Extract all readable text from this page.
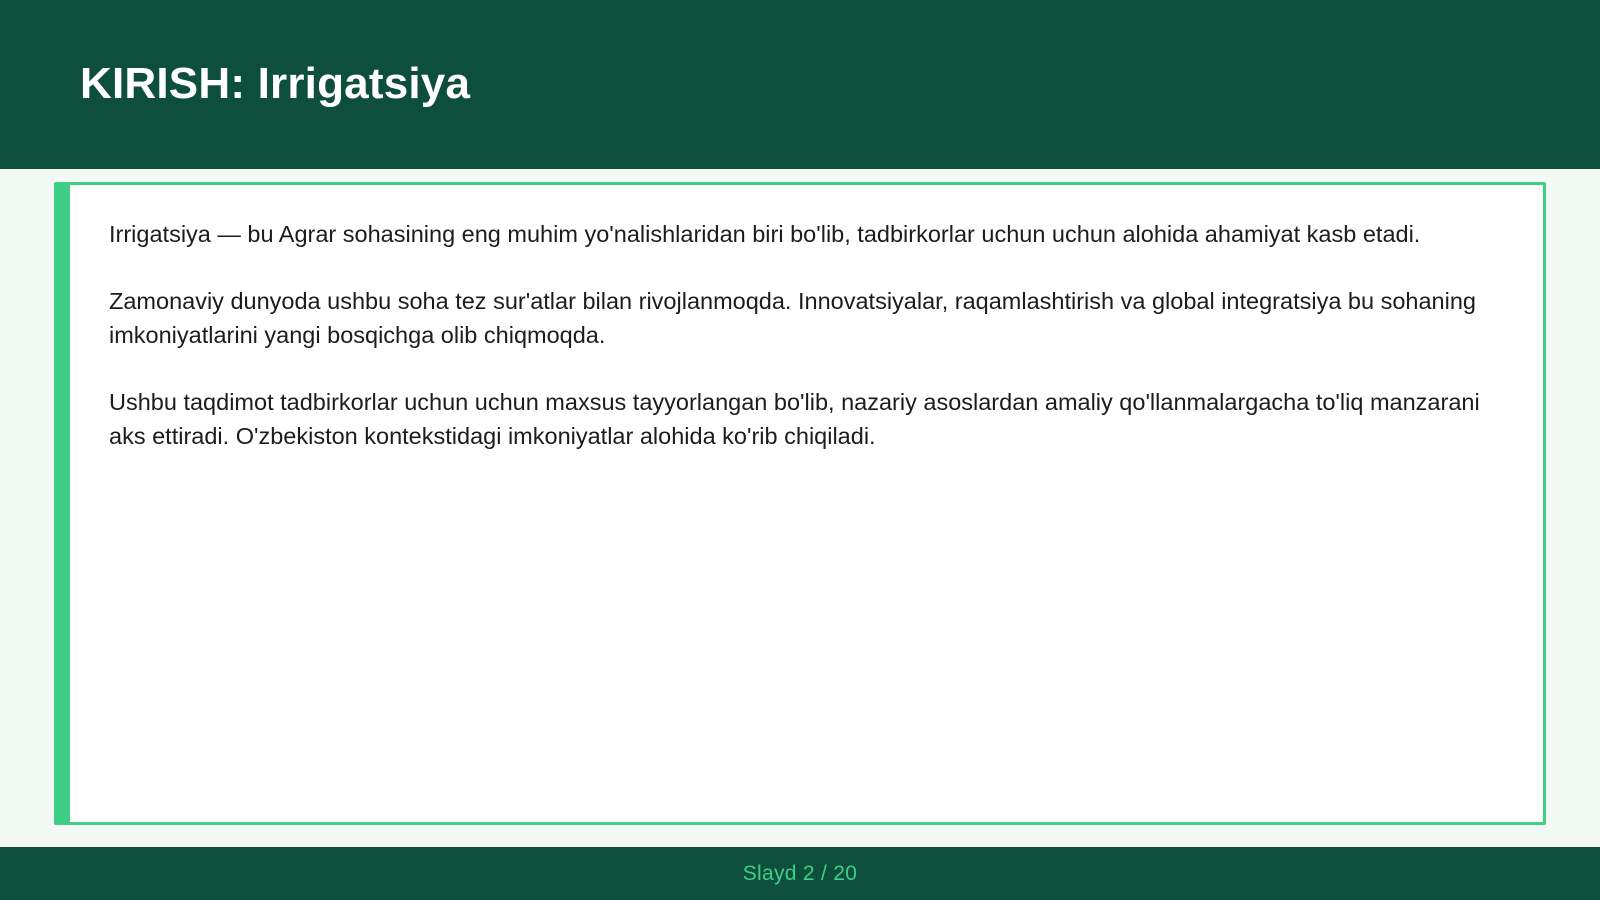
KIRISH: Irrigatsiya

Irrigatsiya — bu Agrar sohasining eng muhim yo'nalishlaridan biri bo'lib, tadbirkorlar uchun uchun alohida ahamiyat kasb etadi.

Zamonaviy dunyoda ushbu soha tez sur'atlar bilan rivojlanmoqda. Innovatsiyalar, raqamlashtirish va global integratsiya bu sohaning imkoniyatlarini yangi bosqichga olib chiqmoqda.

Ushbu taqdimot tadbirkorlar uchun uchun maxsus tayyorlangan bo'lib, nazariy asoslardan amaliy qo'llanmalargacha to'liq manzarani aks ettiradi. O'zbekiston kontekstidagi imkoniyatlar alohida ko'rib chiqiladi.

Slayd 2 / 20
